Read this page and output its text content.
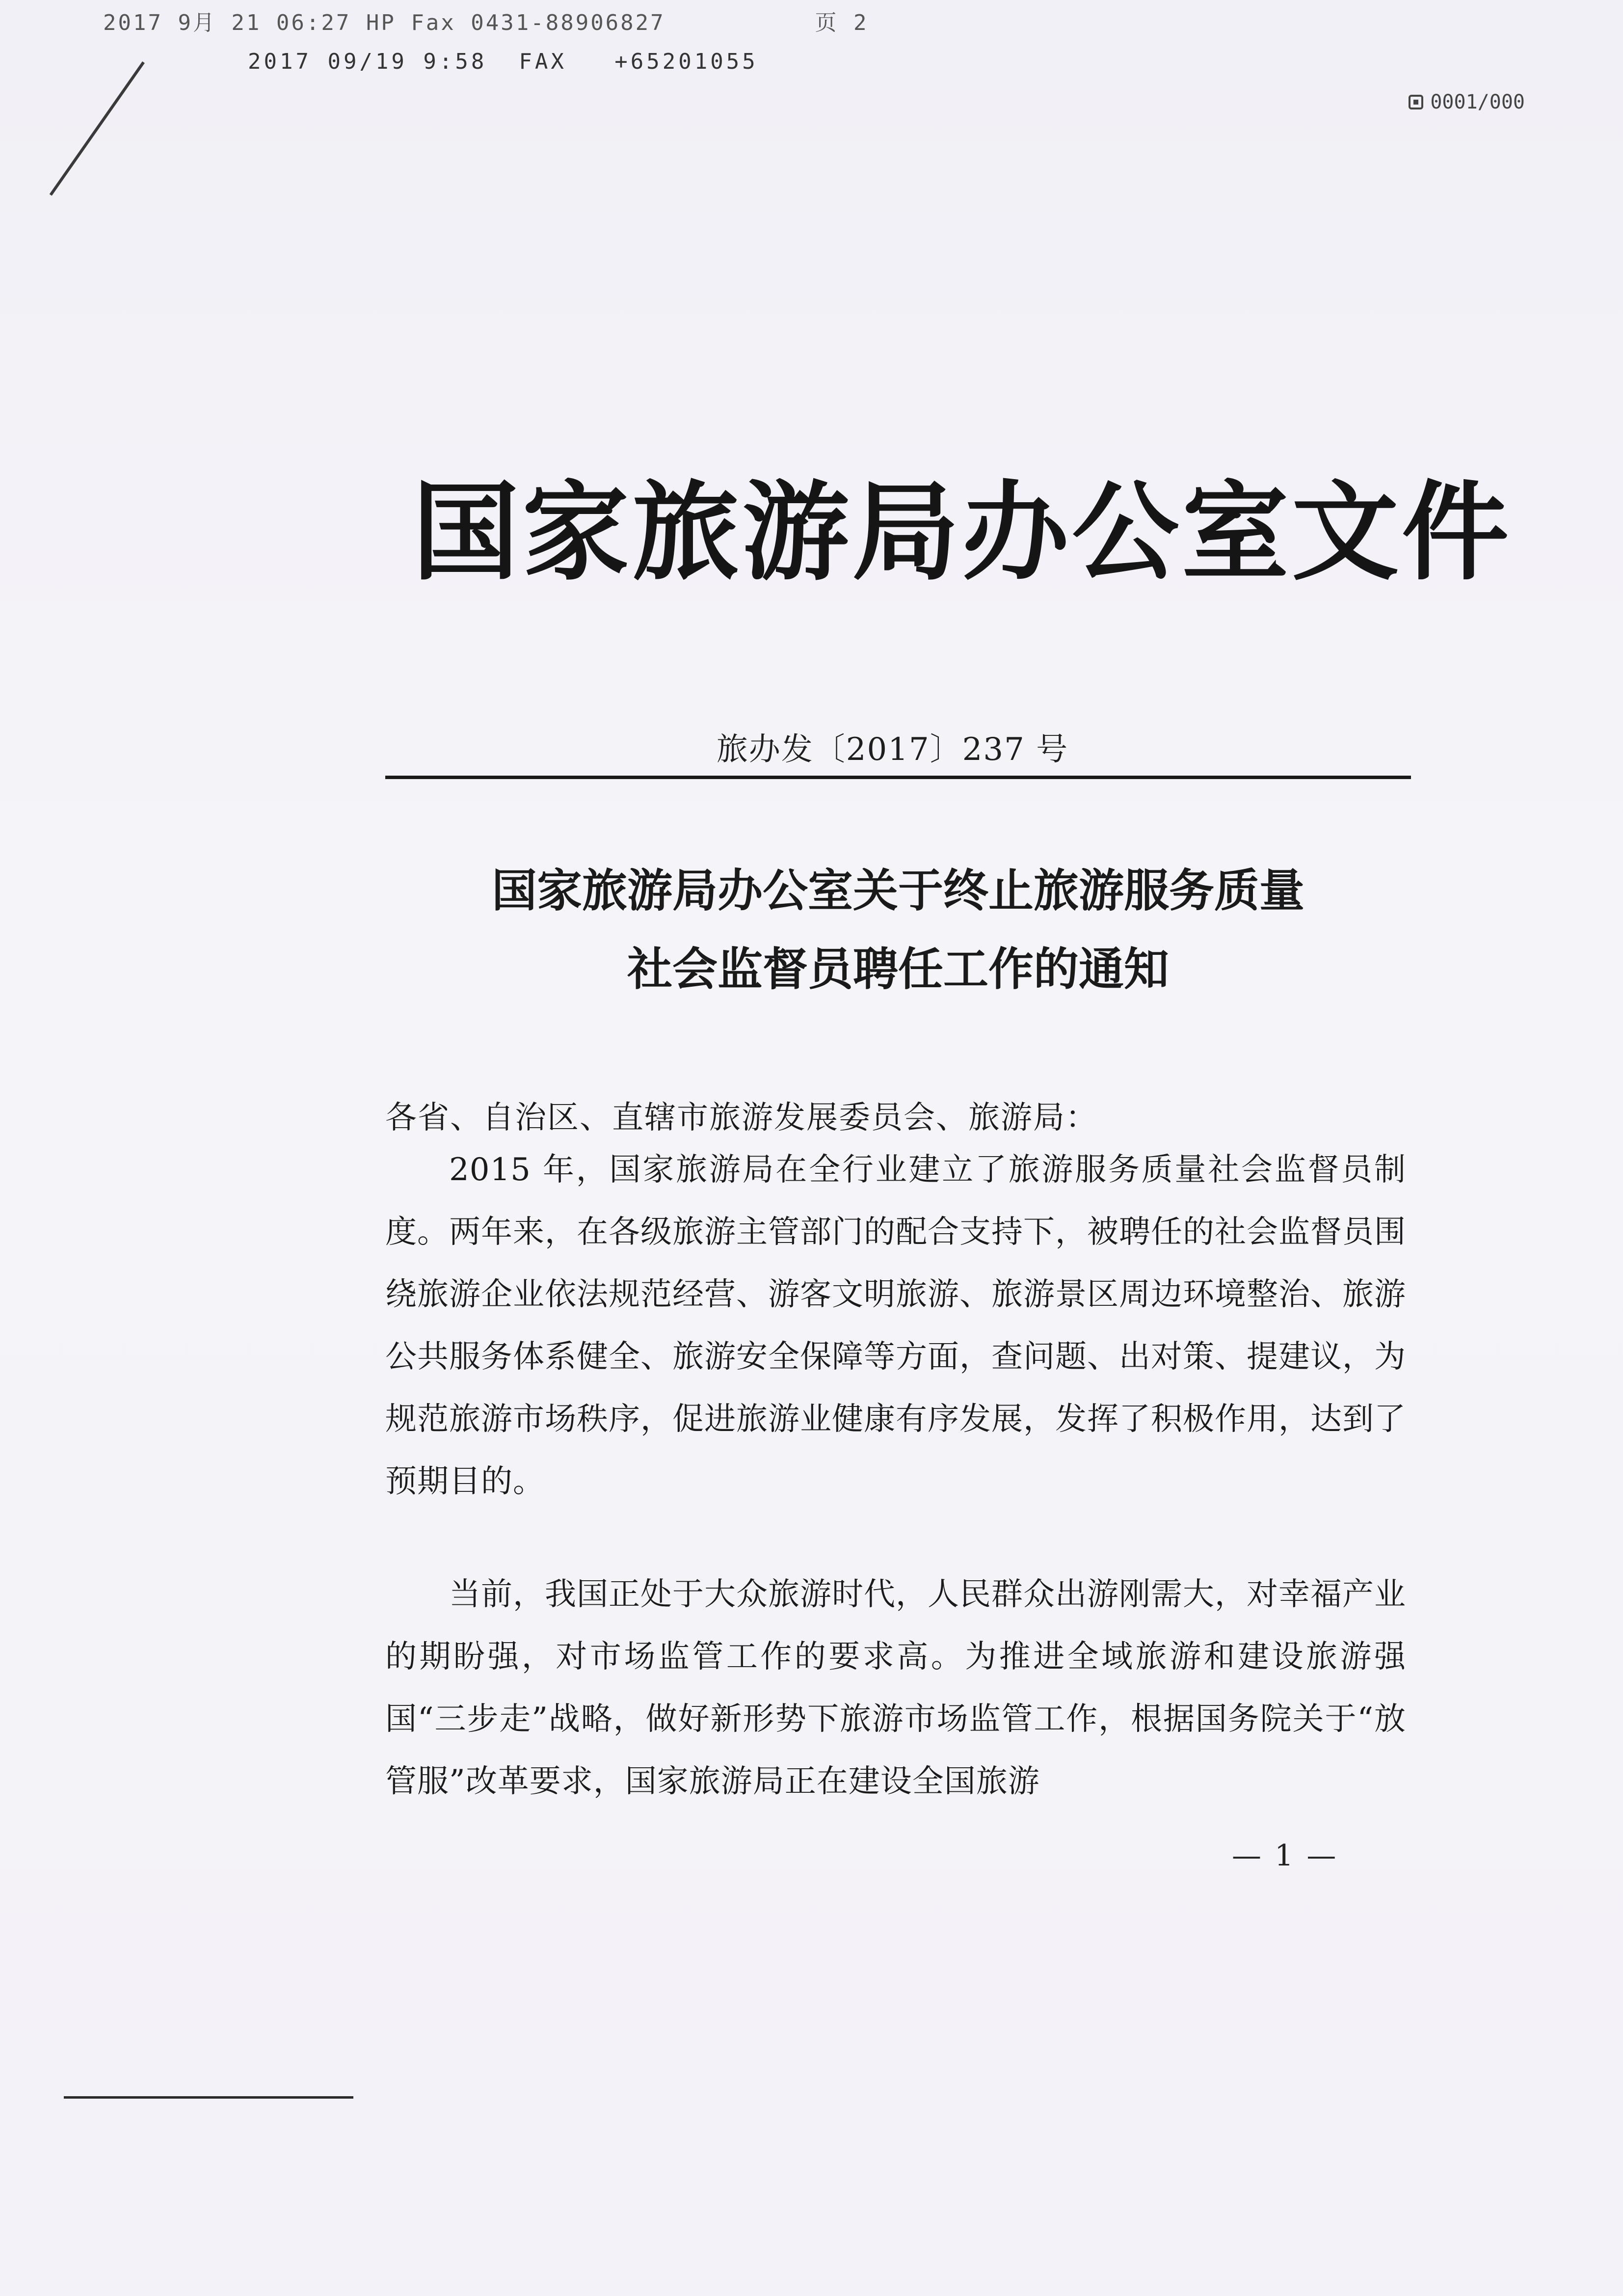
2017 9月 21 06:27 HP Fax 0431-88906827          页 2
2017 09/19 9:58  FAX   +65201055
0001/000
国家旅游局办公室文件
旅办发〔2017〕237 号
国家旅游局办公室关于终止旅游服务质量
社会监督员聘任工作的通知
各省、自治区、直辖市旅游发展委员会、旅游局：
2015 年，国家旅游局在全行业建立了旅游服务质量社会监督员制度。两年来，在各级旅游主管部门的配合支持下，被聘任的社会监督员围绕旅游企业依法规范经营、游客文明旅游、旅游景区周边环境整治、旅游公共服务体系健全、旅游安全保障等方面，查问题、出对策、提建议，为规范旅游市场秩序，促进旅游业健康有序发展，发挥了积极作用，达到了预期目的。
当前，我国正处于大众旅游时代，人民群众出游刚需大，对幸福产业的期盼强，对市场监管工作的要求高。为推进全域旅游和建设旅游强国“三步走”战略，做好新形势下旅游市场监管工作，根据国务院关于“放管服”改革要求，国家旅游局正在建设全国旅游
— 1 —
